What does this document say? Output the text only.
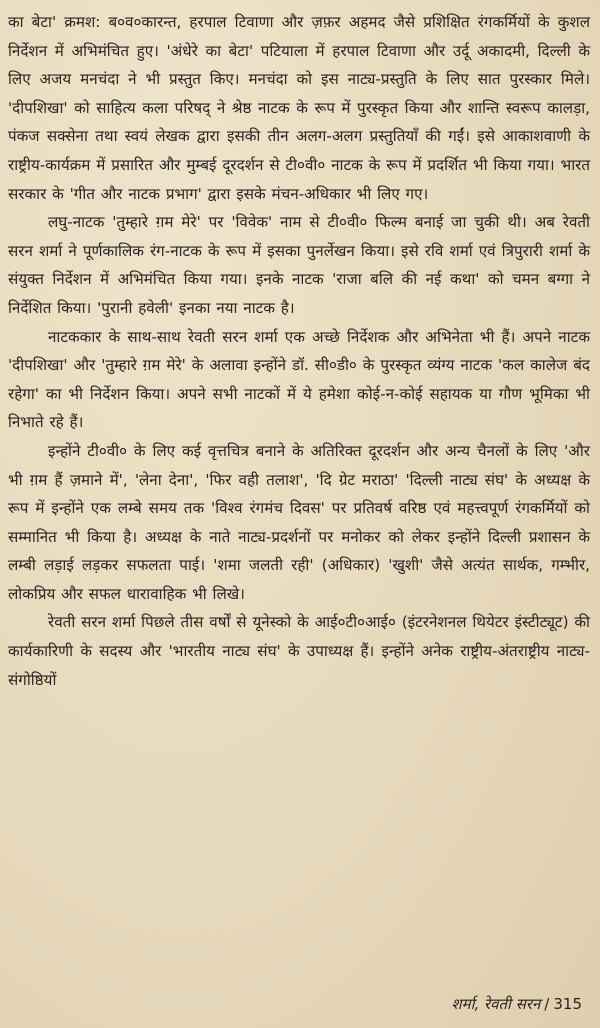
का बेटा' क्रमश: ब०व०कारन्त, हरपाल टिवाणा और ज़फ़र अहमद जैसे प्रशिक्षित रंगकर्मियों के कुशल निर्देशन में अभिमंचित हुए। 'अंधेरे का बेटा' पटियाला में हरपाल टिवाणा और उर्दू अकादमी, दिल्ली के लिए अजय मनचंदा ने भी प्रस्तुत किए। मनचंदा को इस नाट्य-प्रस्तुति के लिए सात पुरस्कार मिले। 'दीपशिखा' को साहित्य कला परिषद् ने श्रेष्ठ नाटक के रूप में पुरस्कृत किया और शान्ति स्वरूप कालड़ा, पंकज सक्सेना तथा स्वयं लेखक द्वारा इसकी तीन अलग-अलग प्रस्तुतियाँ की गईं। इसे आकाशवाणी के राष्ट्रीय-कार्यक्रम में प्रसारित और मुम्बई दूरदर्शन से टी०वी० नाटक के रूप में प्रदर्शित भी किया गया। भारत सरकार के 'गीत और नाटक प्रभाग' द्वारा इसके मंचन-अधिकार भी लिए गए।

लघु-नाटक 'तुम्हारे ग़म मेरे' पर 'विवेक' नाम से टी०वी० फिल्म बनाई जा चुकी थी। अब रेवती सरन शर्मा ने पूर्णकालिक रंग-नाटक के रूप में इसका पुनर्लेखन किया। इसे रवि शर्मा एवं त्रिपुरारी शर्मा के संयुक्त निर्देशन में अभिमंचित किया गया। इनके नाटक 'राजा बलि की नई कथा' को चमन बग्गा ने निर्देशित किया। 'पुरानी हवेली' इनका नया नाटक है।

नाटककार के साथ-साथ रेवती सरन शर्मा एक अच्छे निर्देशक और अभिनेता भी हैं। अपने नाटक 'दीपशिखा' और 'तुम्हारे ग़म मेरे' के अलावा इन्होंने डॉ. सी०डी० के पुरस्कृत व्यंग्य नाटक 'कल कालेज बंद रहेगा' का भी निर्देशन किया। अपने सभी नाटकों में ये हमेशा कोई-न-कोई सहायक या गौण भूमिका भी निभाते रहे हैं।

इन्होंने टी०वी० के लिए कई वृत्तचित्र बनाने के अतिरिक्त दूरदर्शन और अन्य चैनलों के लिए 'और भी ग़म हैं ज़माने में', 'लेना देना', 'फिर वही तलाश', 'दि ग्रेट मराठा' 'दिल्ली नाट्य संघ' के अध्यक्ष के रूप में इन्होंने एक लम्बे समय तक 'विश्व रंगमंच दिवस' पर प्रतिवर्ष वरिष्ठ एवं महत्त्वपूर्ण रंगकर्मियों को सम्मानित भी किया है। अध्यक्ष के नाते नाट्य-प्रदर्शनों पर मनोकर को लेकर इन्होंने दिल्ली प्रशासन के लम्बी लड़ाई लड़कर सफलता पाई। 'शमा जलती रही' (अधिकार) 'खुशी' जैसे अत्यंत सार्थक, गम्भीर, लोकप्रिय और सफल धारावाहिक भी लिखे।

रेवती सरन शर्मा पिछले तीस वर्षों से यूनेस्को के आई०टी०आई० (इंटरनेशनल थियेटर इंस्टीट्यूट) की कार्यकारिणी के सदस्य और 'भारतीय नाट्य संघ' के उपाध्यक्ष हैं। इन्होंने अनेक राष्ट्रीय-अंतराष्ट्रीय नाट्य-संगोष्ठियों

शर्मा, रेवती सरन / 315
